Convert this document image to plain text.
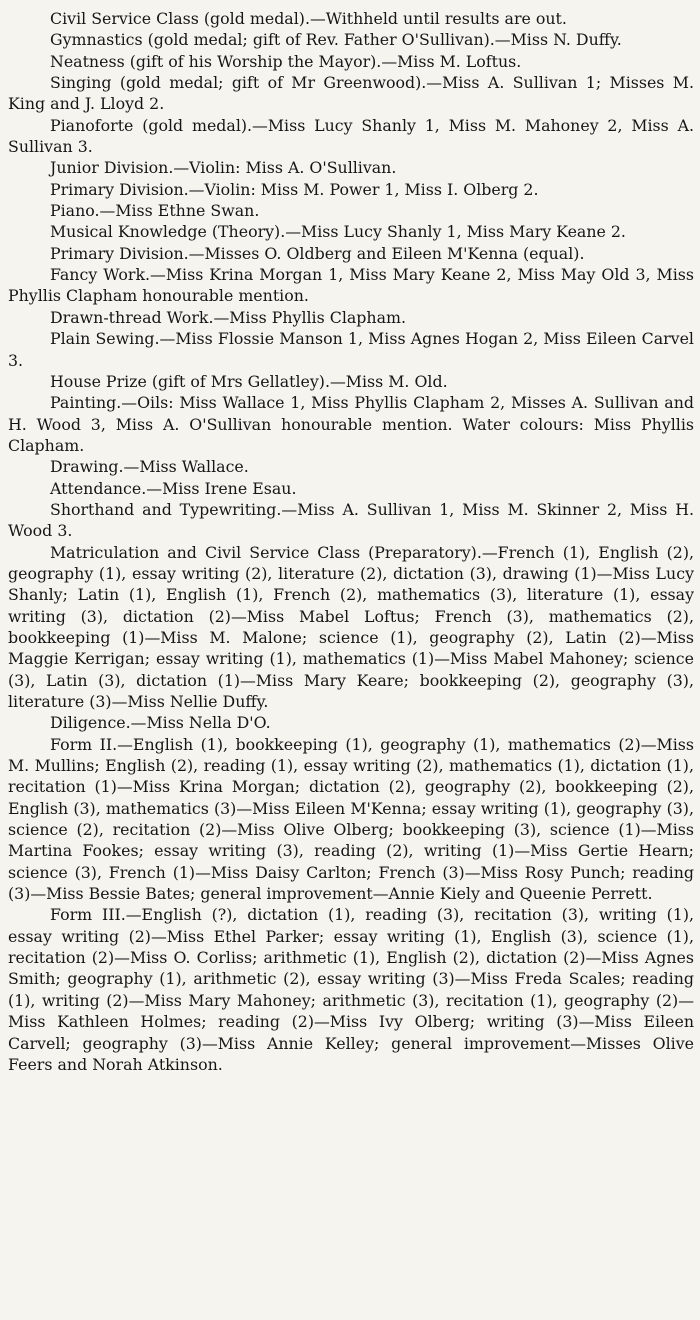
Civil Service Class (gold medal).—Withheld until results are out.

Gymnastics (gold medal; gift of Rev. Father O'Sullivan).—Miss N. Duffy.

Neatness (gift of his Worship the Mayor).—Miss M. Loftus.

Singing (gold medal; gift of Mr Greenwood).—Miss A. Sullivan 1; Misses M. King and J. Lloyd 2.

Pianoforte (gold medal).—Miss Lucy Shanly 1, Miss M. Mahoney 2, Miss A. Sullivan 3.

Junior Division.—Violin: Miss A. O'Sullivan.

Primary Division.—Violin: Miss M. Power 1, Miss I. Olberg 2.

Piano.—Miss Ethne Swan.

Musical Knowledge (Theory).—Miss Lucy Shanly 1, Miss Mary Keane 2.

Primary Division.—Misses O. Oldberg and Eileen M'Kenna (equal).

Fancy Work.—Miss Krina Morgan 1, Miss Mary Keane 2, Miss May Old 3, Miss Phyllis Clapham honourable mention.

Drawn-thread Work.—Miss Phyllis Clapham.

Plain Sewing.—Miss Flossie Manson 1, Miss Agnes Hogan 2, Miss Eileen Carvel 3.

House Prize (gift of Mrs Gellatley).—Miss M. Old.

Painting.—Oils: Miss Wallace 1, Miss Phyllis Clapham 2, Misses A. Sullivan and H. Wood 3, Miss A. O'Sullivan honourable mention. Water colours: Miss Phyllis Clapham.

Drawing.—Miss Wallace.

Attendance.—Miss Irene Esau.

Shorthand and Typewriting.—Miss A. Sullivan 1, Miss M. Skinner 2, Miss H. Wood 3.

Matriculation and Civil Service Class (Preparatory).—French (1), English (2), geography (1), essay writing (2), literature (2), dictation (3), drawing (1)—Miss Lucy Shanly; Latin (1), English (1), French (2), mathematics (3), literature (1), essay writing (3), dictation (2)—Miss Mabel Loftus; French (3), mathematics (2), bookkeeping (1)—Miss M. Malone; science (1), geography (2), Latin (2)—Miss Maggie Kerrigan; essay writing (1), mathematics (1)—Miss Mabel Mahoney; science (3), Latin (3), dictation (1)—Miss Mary Keare; bookkeeping (2), geography (3), literature (3)—Miss Nellie Duffy.

Diligence.—Miss Nella D'O.

Form II.—English (1), bookkeeping (1), geography (1), mathematics (2)—Miss M. Mullins; English (2), reading (1), essay writing (2), mathematics (1), dictation (1), recitation (1)—Miss Krina Morgan; dictation (2), geography (2), bookkeeping (2), English (3), mathematics (3)—Miss Eileen M'Kenna; essay writing (1), geography (3), science (2), recitation (2)—Miss Olive Olberg; bookkeeping (3), science (1)—Miss Martina Fookes; essay writing (3), reading (2), writing (1)—Miss Gertie Hearn; science (3), French (1)—Miss Daisy Carlton; French (3)—Miss Rosy Punch; reading (3)—Miss Bessie Bates; general improvement—Annie Kiely and Queenie Perrett.

Form III.—English (?), dictation (1), reading (3), recitation (3), writing (1), essay writing (2)—Miss Ethel Parker; essay writing (1), English (3), science (1), recitation (2)—Miss O. Corliss; arithmetic (1), English (2), dictation (2)—Miss Agnes Smith; geography (1), arithmetic (2), essay writing (3)—Miss Freda Scales; reading (1), writing (2)—Miss Mary Mahoney; arithmetic (3), recitation (1), geography (2)—Miss Kathleen Holmes; reading (2)—Miss Ivy Olberg; writing (3)—Miss Eileen Carvell; geography (3)—Miss Annie Kelley; general improvement—Misses Olive Feers and Norah Atkinson.
